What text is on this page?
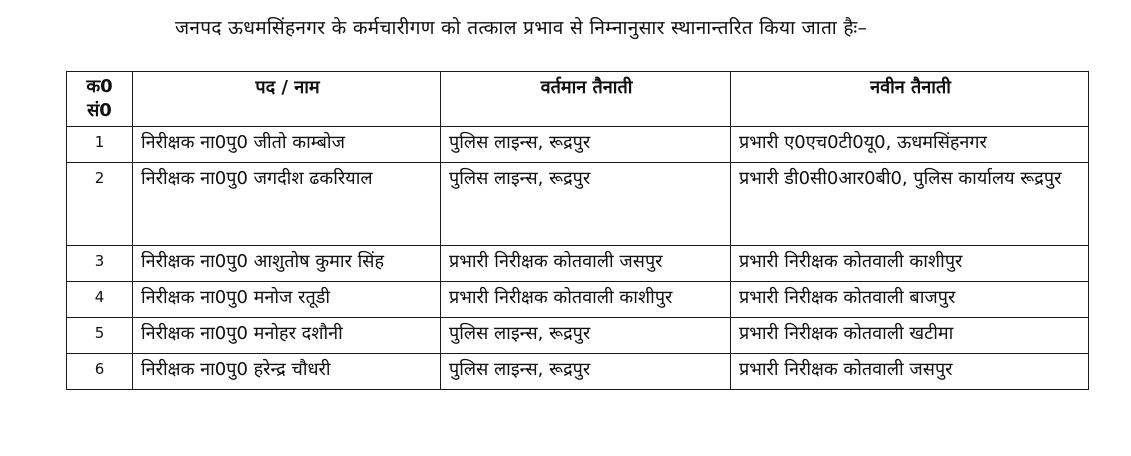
जनपद ऊधमसिंहनगर के कर्मचारीगण को तत्काल प्रभाव से निम्नानुसार स्थानान्तरित किया जाता हैः–
क0
सं0	पद / नाम	वर्तमान तैनाती	नवीन तैनाती
1	निरीक्षक ना0पु0 जीतो काम्बोज	पुलिस लाइन्स, रूद्रपुर	प्रभारी ए0एच0टी0यू0, ऊधमसिंहनगर
2	निरीक्षक ना0पु0 जगदीश ढकरियाल	पुलिस लाइन्स, रूद्रपुर	प्रभारी डी0सी0आर0बी0, पुलिस कार्यालय रूद्रपुर
3	निरीक्षक ना0पु0 आशुतोष कुमार सिंह	प्रभारी निरीक्षक कोतवाली जसपुर	प्रभारी निरीक्षक कोतवाली काशीपुर
4	निरीक्षक ना0पु0 मनोज रतूडी	प्रभारी निरीक्षक कोतवाली काशीपुर	प्रभारी निरीक्षक कोतवाली बाजपुर
5	निरीक्षक ना0पु0 मनोहर दशौनी	पुलिस लाइन्स, रूद्रपुर	प्रभारी निरीक्षक कोतवाली खटीमा
6	निरीक्षक ना0पु0 हरेन्द्र चौधरी	पुलिस लाइन्स, रूद्रपुर	प्रभारी निरीक्षक कोतवाली जसपुर
